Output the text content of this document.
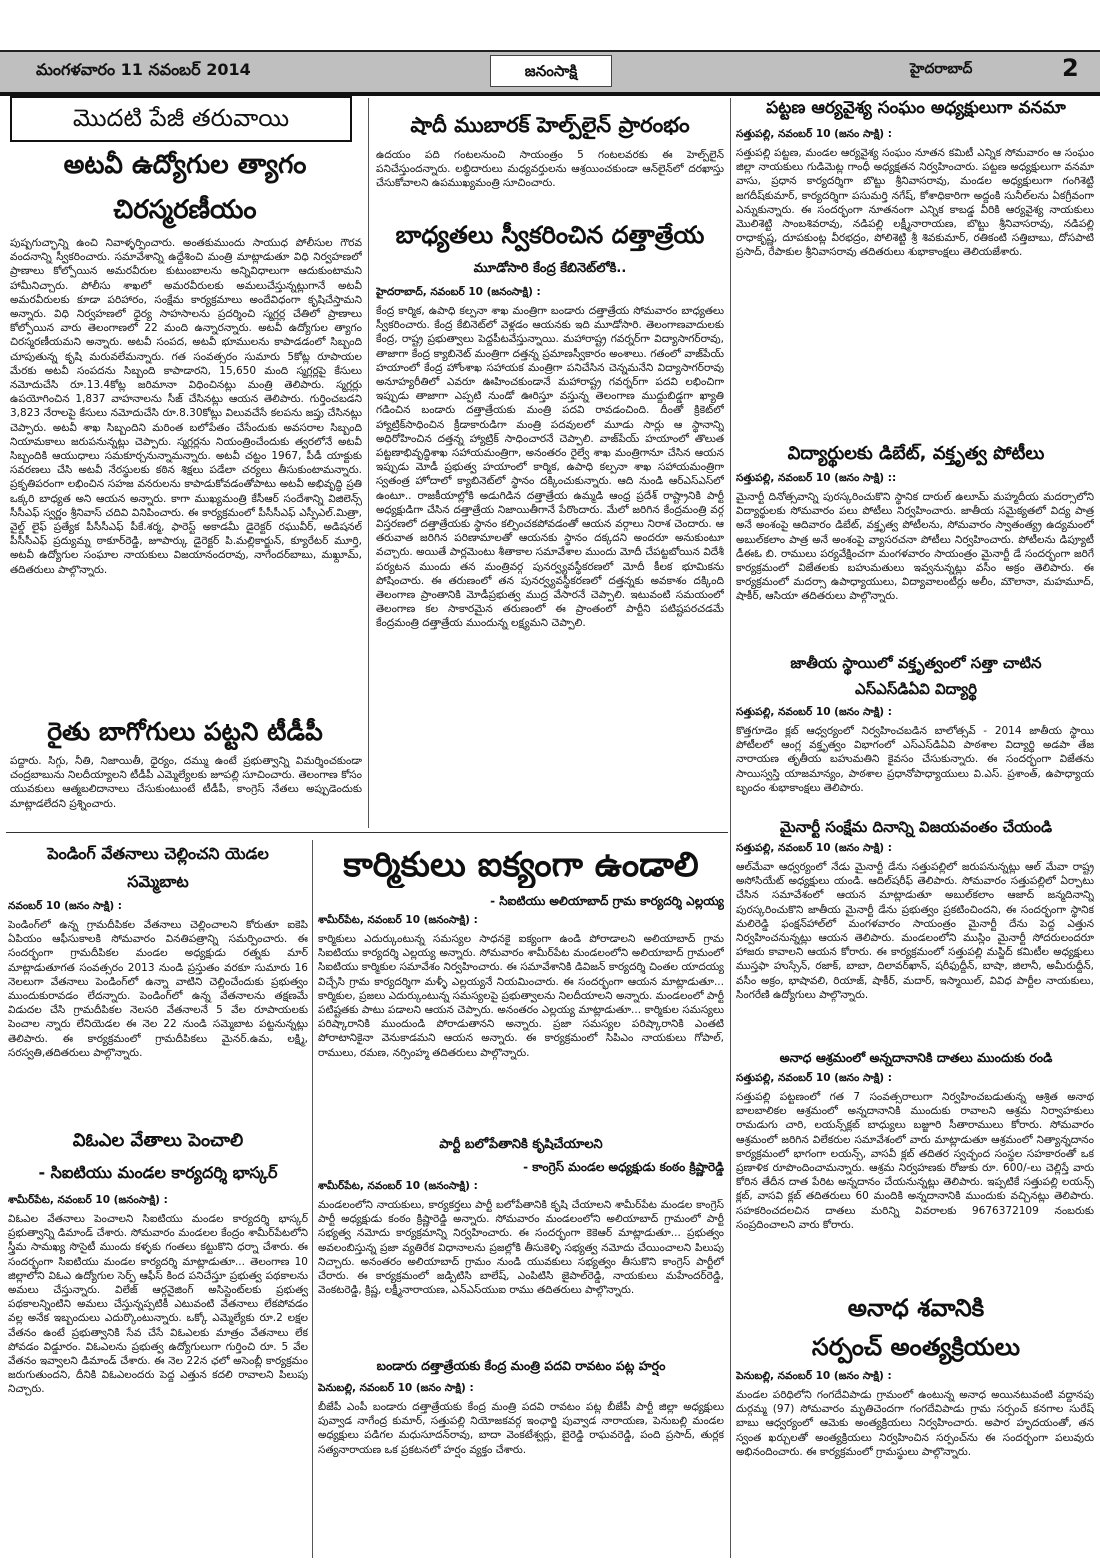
మంగళవారం 11 నవంబర్ 2014	జనంసాక్షి	హైదరాబాద్	2
మొదటి పేజీ తరువాయి
అటవీ ఉద్యోగుల త్యాగం
చిరస్మరణీయం
పుష్పగుచ్ఛాన్ని ఉంచి నివాళ్ళర్పించారు. అంతకుముందు సాయుధ పోలీసుల గౌరవ వందనాన్ని స్వీకరించారు. సమావేశాన్ని ఉద్దేశించి మంత్రి మాట్లాడుతూ విధి నిర్వహణలో ప్రాణాలు కోల్పోయిన అమరవీరుల కుటుంబాలను అన్నివిధాలుగా ఆదుకుంటామని హామీనిచ్చారు. పోలీసు శాఖలో అమరవీరులకు అమలుచేస్తున్నట్లుగానే అటవీ అమరవీరులకు కూడా పరిహారం, సంక్షేమ కార్యక్రమాలు అందేవిధంగా కృషిచేస్తామని అన్నారు. విధి నిర్వహణలో ధైర్య సాహసాలను ప్రదర్శించి స్మగ్లర్ల చేతిలో ప్రాణాలు కోల్పోయిన వారు తెలంగాణలో 22 మంది ఉన్నారన్నారు. అటవీ ఉద్యోగుల త్యాగం చిరస్మరణీయమని అన్నారు. అటవీ సంపద, అటవీ భూములను కాపాడడంలో సిబ్బంది చూపుతున్న కృషి మరువలేమన్నారు. గత సంవత్సరం సుమారు 5కోట్ల రూపాయల మేరకు అటవీ సంపదను సిబ్బంది కాపాడారని, 15,650 మంది స్మగ్లర్లపై కేసులు నమోదుచేసి రూ.13.4కోట్ల జరిమానా విధించినట్లు మంత్రి తెలిపారు. స్మగ్లర్లు ఉపయోగించిన 1,837 వాహనాలను సీజ్ చేసినట్లు ఆయన తెలిపారు. గుర్తించబడని 3,823 నేరాలపై కేసులు నమోదుచేసి రూ.8.30కోట్లు విలువచేసే కలపను జప్తు చేసినట్లు చెప్పారు. అటవీ శాఖ సిబ్బందిని మరింత బలోపేతం చేసేందుకు అవసరాల సిబ్బంది నియామకాలు జరుపనున్నట్లు చెప్పారు. స్మగ్లర్లను నియంత్రించేందుకు త్వరలోనే అటవీ సిబ్బందికి ఆయుధాలు సమకూర్చనున్నామన్నారు. అటవీ చట్టం 1967, పీడీ యాక్టుకు సవరణలు చేసి అటవీ నేరస్థులకు కఠిన శిక్షలు పడేలా చర్యలు తీసుకుంటామన్నారు. ప్రకృతిపరంగా లభించిన సహజ వనరులను కాపాడుకోవడంతోపాటు అటవీ అభివృద్ధి ప్రతి ఒక్కరి బాధ్యత అని ఆయన అన్నారు. కాగా ముఖ్యమంత్రి కేసీఆర్ సందేశాన్ని విజిలెన్స్ సీసీఎఫ్ స్వర్ణం శ్రీనివాస్ చదివి వినిపించారు. ఈ కార్యక్రమంలో పీసీసీఎఫ్ ఎస్పీఎల్.మిత్రా, వైల్డ్ లైఫ్ ప్రత్యేక పీసీసీఎఫ్ పీకే.శర్మ, ఫారెస్ట్ అకాడమీ డైరెక్టర్ రఘువీర్, అడిషనల్ పీసీసీఎఫ్ ప్రద్యుమ్న ఠాకూర్‌రెడ్డి, జూపార్కు డైరెక్టర్ పి.మల్లికార్జున్, క్యూరేటర్ మూర్తి, అటవీ ఉద్యోగుల సంఘాల నాయకులు విజయానందరావు, నాగేందర్‌బాబు, మఖ్దూమ్, తదితరులు పాల్గొన్నారు.
రైతు బాగోగులు పట్టని టీడీపీ
పద్దారు. సిగ్గు, నీతి, నిజాయితీ, ధైర్యం, దమ్ము ఉంటే ప్రభుత్వాన్ని విమర్శించకుండా చంద్రబాబును నిలదీయ్యాలని టీడీపీ ఎమ్మెల్యేలకు జూపల్లి సూచించారు. తెలంగాణ కోసం యువకులు ఆత్మబలిదానాలు చేసుకుంటుంటే టీడీపీ, కాంగ్రెస్ నేతలు అప్పుడెందుకు మాట్లాడలేదని ప్రశ్నించారు.
షాదీ ముబారక్ హెల్ప్‌లైన్ ప్రారంభం
ఉదయం పది గంటలనుంచి సాయంత్రం 5 గంటలవరకు ఈ హెల్ప్‌లైన్ పనిచేస్తుందన్నారు. లబ్ధిదారులు మధ్యవర్తులను ఆశ్రయించకుండా ఆన్‌లైన్‌లో దరఖాస్తు చేసుకోవాలని ఉపముఖ్యమంత్రి సూచించారు.
బాధ్యతలు స్వీకరించిన దత్తాత్రేయ
మూడోసారి కేంద్ర కేబినెట్‌లోకి..
హైదరాబాద్, నవంబర్ 10 (జనంసాక్షి) :
కేంద్ర కార్మిక, ఉపాధి కల్పనా శాఖ మంత్రిగా బండారు దత్తాత్రేయ సోమవారం బాధ్యతలు స్వీకరించారు. కేంద్ర కేబినెట్‌లో వెళ్లడం ఆయనకు ఇది మూడోసారి. తెలంగాణవాదులకు కేంద్ర, రాష్ట్ర ప్రభుత్వాలు పెద్దపీటవేస్తున్నాయి. మహారాష్ట్ర గవర్నర్‌గా విద్యాసాగర్‌రావు, తాజాగా కేంద్ర క్యాబినెట్ మంత్రిగా దత్తన్న ప్రమాణస్వీకారం అంశాలు. గతంలో వాజ్‌పేయ్ హయాంలో కేంద్ర హోంశాఖ సహాయక మంత్రిగా పనిచేసిన చెన్నమనేని విద్యాసాగర్‌రావు అనూహ్యరీతిలో ఎవరూ ఊహించకుండానే మహారాష్ట్ర గవర్నర్‌గా పదవి లభించిగా ఇప్పుడు తాజాగా ఎప్పటి నుండో ఊరిస్తూ వస్తున్న తెలంగాణ ముద్దుబిడ్డగా ఖ్యాతి గడించిన బండారు దత్తాత్రేయకు మంత్రి పదవి రావడంచింది. దీంతో క్రికెట్‌లో హ్యాట్రిక్‌సాధించిన క్రీడాకారుడిగా మంత్రి పదవులలో మూడు సార్లు ఆ స్థానాన్ని అధిరోహించిన దత్తన్న హ్యాట్రిక్ సాధించారనే చెప్పాలి. వాజ్‌పేయ్ హయాంలో తొలుత పట్టణాభివృద్ధిశాఖ సహాయమంత్రిగా, అనంతరం రైల్వే శాఖ మంత్రిగానూ చేసిన ఆయన ఇప్పుడు మోడీ ప్రభుత్వ హయాంలో కార్మిక, ఉపాధి కల్పనా శాఖ సహాయమంత్రిగా స్వతంత్ర హోదాలో క్యాబినెట్‌లో స్థానం దక్కించుకున్నారు. ఆది నుండి ఆర్ఎస్ఎస్‌లో ఉంటూ.. రాజకీయాల్లోకి అడుగిడిన దత్తాత్రేయ ఉమ్మడి ఆంధ్ర ప్రదేశ్ రాష్ట్రానికి పార్టీ అధ్యక్షుడిగా చేసిన దత్తాత్రేయ నిజాయితీగానే పేరొందారు. మేలో జరిగిన కేంద్రమంత్రి వర్గ విస్తరణలో దత్తాత్రేయకు స్థానం కల్పించకపోవడంతో ఆయన వర్గాలు నిరాశ చెందారు. ఆ తరువాత జరిగిన పరిణామాలతో ఆయనకు స్థానం దక్కదని అందరూ అనుకుంటూ వచ్చారు. అయితే పార్లమెంటు శీతాకాల సమావేశాల ముందు మోదీ చేపట్టబోయిన విదేశీ పర్యటన ముందు తన మంత్రివర్గ పునర్వ్యవస్థీకరణలో మోదీ కీలక భూమికను పోషించారు. ఈ తరుణంలో తన పునర్వ్యవస్థీకరణలో దత్తన్నకు అవకాశం దక్కింది తెలంగాణ ప్రాంతానికి మోడీప్రభుత్వ ముద్ర వేసారనే చెప్పాలి. ఇటువంటి సమయంలో తెలంగాణ కల సాకారమైన తరుణంలో ఈ ప్రాంతంలో పార్టీని పటిష్టపరచడమే కేంద్రమంత్రి దత్తాత్రేయ ముందున్న లక్ష్యమని చెప్పాలి.
పట్టణ ఆర్యవైశ్య సంఘం అధ్యక్షులుగా వనమా
సత్తుపల్లి, నవంబర్ 10 (జనం సాక్షి) :
సత్తుపల్లి పట్టణ, మండల ఆర్యవైశ్య సంఘం నూతన కమిటీ ఎన్నిక సోమవారం ఆ సంఘం జిల్లా నాయకులు గుడిమెట్ల గాంధీ అధ్యక్షతన నిర్వహించారు. పట్టణ అధ్యక్షులుగా వనమా వాసు, ప్రధాన కార్యదర్శిగా బొట్టు శ్రీనివాసరావు, మండల అధ్యక్షులుగా గంగిశెట్టి జగదీష్‌కుమార్, కార్యదర్శిగా పసుమర్తి నగేష్, కోశాధికారిగా అద్దంకి సునీల్‌లను ఏకగ్రీవంగా ఎన్నుకున్నారు. ఈ సందర్భంగా నూతనంగా ఎన్నిక కాబడ్డ వీరికి ఆర్యవైశ్య నాయకులు మొలిశెట్టి సాంబశివరావు, నడిపల్లి లక్ష్మీనారాయణ, బొట్టు శ్రీనివాసరావు, నడిపల్లి రాధాకృష్ణ, దూపకుంట్ల వీరభద్రం, పోలిశెట్టి శ్రీ శివకుమార్, రతికంటి సత్తిబాబు, దోసపాటి ప్రసాద్, రేపాకుల శ్రీనివాసరావు తదితరులు శుభాకాంక్షలు తెలియజేశారు.
విద్యార్థులకు డిబేట్, వక్తృత్వ పోటీలు
సత్తుపల్లి, నవంబర్ 10 (జనం సాక్షి) ::
మైనార్టీ దినోత్సవాన్ని పురస్కరించుకొని స్థానిక దారుల్ ఉలూమ్ మహ్మదీయ మదర్సాలోని విద్యార్థులకు సోమవారం పలు పోటీలు నిర్వహించారు. జాతీయ సమైక్యతలో విద్య పాత్ర అనే అంశంపై ఆదివారం డిబేట్, వక్తృత్వ పోటీలను, సోమవారం స్వాతంత్య్ర ఉద్యమంలో అబుల్‌కలాం పాత్ర అనే అంశంపై వ్యాసరచనా పోటీలు నిర్వహించారు. పోటీలను డిప్యూటీ డీఈఓ బి. రాములు పర్యవేక్షించగా మంగళవారం సాయంత్రం మైనార్టీ డే సందర్భంగా జరిగే కార్యక్రమంలో విజేతలకు బహుమతులు ఇవ్వనున్నట్లు వసీం అక్రం తెలిపారు. ఈ కార్యక్రమంలో మదర్సా ఉపాధ్యాయులు, విద్యావాలంటీర్లు అలీం, మౌలానా, మహమూద్, షాకీర్, ఆసియా తదితరులు పాల్గొన్నారు.
జాతీయ స్థాయిలో వక్తృత్వంలో సత్తా చాటిన
ఎస్ఎస్‌డిఏవి విద్యార్థి
సత్తుపల్లి, నవంబర్ 10 (జనం సాక్షి) :
కొత్తగూడెం క్లబ్ ఆధ్వర్యంలో నిర్వహించబడిన బాలోత్సవ్ - 2014 జాతీయ స్థాయి పోటీలలో ఆంగ్ల వక్తృత్వం విభాగంలో ఎస్ఎస్‌డిఏవి పాఠశాల విద్యార్థి అడపా తేజ నారాయణ తృతీయ బహుమతిని కైవసం చేసుకున్నారు. ఈ సందర్భంగా విజేతను సాయిస్వస్తి యాజమాన్యం, పాఠశాల ప్రధానోపాధ్యాయులు వి.ఎస్. ప్రశాంత్, ఉపాధ్యాయ బృందం శుభాకాంక్షలు తెలిపారు.
మైనార్టీ సంక్షేమ దినాన్ని విజయవంతం చేయండి
సత్తుపల్లి, నవంబర్ 10 (జనం సాక్షి) :
ఆల్‌మేవా ఆధ్వర్యంలో నేడు మైనార్టీ డేను సత్తుపల్లిలో జరుపనున్నట్లు ఆల్ మేవా రాష్ట్ర అసోసియేట్ అధ్యక్షులు యండి. ఆదిల్‌షరీఫ్ తెలిపారు. సోమవారం సత్తుపల్లిలో ఏర్పాటు చేసిన సమావేశంలో ఆయన మాట్లాడుతూ అబుల్‌కలాం ఆజాద్ జన్మదినాన్ని పురస్కరించుకొని జాతీయ మైనార్టీ డేను ప్రభుత్వం ప్రకటించిందని, ఈ సందర్భంగా స్థానిక మలిరెడ్డి ఫంక్షన్‌హాల్‌లో మంగళవారం సాయంత్రం మైనార్టీ దేను పెద్ద ఎత్తున నిర్వహించనున్నట్లు ఆయన తెలిపారు. మండలంలోని ముస్లిం మైనార్టీ సోదరులందరూ హాజరు కావాలని ఆయన కోరారు. ఈ కార్యక్రమంలో సత్తుపల్లి మస్జిద్ కమిటీల అధ్యక్షులు ముస్తఫా హుస్సేన్, రజాక్, బాబా, దిలావర్‌ఖాన్, షరీఫుద్దీన్, బాషా, జిలానీ, అమీరుద్దీన్, వసీం అక్రం, భాషావలి, రియాజ్, షాకీర్, మదార్, ఇస్మాయిల్, వివిధ పార్టీల నాయకులు, సింగరేణి ఉద్యోగులు పాల్గొన్నారు.
అనాధ ఆశ్రమంలో అన్నదానానికి దాతలు ముందుకు రండి
సత్తుపల్లి, నవంబర్ 10 (జనం సాక్షి) :
సత్తుపల్లి పట్టణంలో గత 7 సంవత్సరాలుగా నిర్వహించబడుతున్న ఆశ్రిత అనాథ బాలబాలికల ఆశ్రమంలో అన్నదానానికి ముందుకు రావాలని ఆశ్రమ నిర్వాహకులు రామడుగు చారి, లయన్స్‌క్లబ్ బాధ్యులు బజ్జూరి సీతారాములు కోరారు. సోమవారం ఆశ్రమంలో జరిగిన విలేకరుల సమావేశంలో వారు మాట్లాడుతూ ఆశ్రమంలో నిత్యాన్నదానం కార్యక్రమంలో భాగంగా లయన్స్, వాసవీ క్లబ్ తదితర స్వచ్ఛంద సంస్థల సహకారంతో ఒక ప్రణాళిక రూపొందించామన్నారు. ఆశ్రమ నిర్వహణకు రోజుకు రూ. 600/-లు చెల్లిస్తే వారు కోరిన తేదీన దాత పేరిట అన్నదానం చేయనున్నట్లు తెలిపారు. ఇప్పటికే సత్తుపల్లి లయన్స్ క్లబ్, వాసవి క్లబ్ తదితరులు 60 మందికి అన్నదానానికి ముందుకు వచ్చినట్లు తెలిపారు. సహకరించదలచిన దాతలు మరిన్ని వివరాలకు 9676372109 నంబరుకు సంప్రదించాలని వారు కోరారు.
అనాధ శవానికి
సర్పంచ్ అంత్యక్రియలు
పెనుబల్లి, నవంబర్ 10 (జనం సాక్షి) :
మండల పరిధిలోని గంగదేవిపాడు గ్రామంలో ఉంటున్న అనాధ అయినటువంటి వద్దానపు దుర్గమ్మ (97) సోమవారం మృతిచెందగా గంగదేవిపాడు గ్రామ సర్పంచ్ కనగాల సురేష్ బాబు ఆధ్వర్యంలో ఆమెకు అంత్యక్రియలు నిర్వహించారు. అపార హృదయంతో, తన స్వంత ఖర్చులతో అంత్యక్రియలు నిర్వహించిన సర్పంచ్‌ను ఈ సందర్భంగా పలువురు అభినందించారు. ఈ కార్యక్రమంలో గ్రామస్థులు పాల్గొన్నారు.
పెండింగ్ వేతనాలు చెల్లించని యెడల
సమ్మెబాట
నవంబర్ 10 (జనం సాక్షి) :
పెండింగ్‌లో ఉన్న గ్రామదీపికల వేతనాలు చెల్లించాలని కోరుతూ ఐకెపి ఏపియం ఆఫీసుకాలకి సోమవారం వినతిపత్రాన్ని సమర్పించారు. ఈ సందర్భంగా గ్రామదీపికల మండల అధ్యక్షుడు రత్నకు మార్ మాట్లాడుతూగత సంవత్సరం 2013 నుండి ప్రస్తుతం వరకూ సుమారు 16 నెలలుగా వేతనాలు పెండింగ్‌లో ఉన్నా వాటిని చెల్లించేందుకు ప్రభుత్వం ముందుకురావడం లేదన్నారు. పెండింగ్‌లో ఉన్న వేతనాలను తక్షణమే విడుదల చేసి గ్రామదీపికల నెలసరి వేతనాలనే 5 వేల రూపాయలకు పెంచాల న్నారు లేనియెడల ఈ నెల 22 నుండి సమ్మెబాట పట్టనున్నట్లు తెలిపారు. ఈ కార్యక్రమంలో గ్రామదీపికలు మైనర్.ఉమ, లక్ష్మి, సరస్వతి,తదితరులు పాల్గొన్నారు.
విఓఎల వేతాలు పెంచాలి
- సిఐటియు మండల కార్యదర్శి భాస్కర్
శామీర్‌పేట, నవంబర్ 10 (జనంసాక్షి) :
విఓఎల వేతనాలు పెంచాలని సిఐటియు మండల కార్యదర్శి భాస్కర్ ప్రభుత్వాన్ని డిమాండ్ చేశారు. సోమవారం మండలల కేంద్రం శామీర్‌పేటలోని స్త్రీమ సామఖ్య సొసైటీ ముందు కళ్ళకు గంతలు కట్టుకొని ధర్నా చేశారు. ఈ సందర్భంగా సిఐటియు మండల కార్యదర్శి మాట్లాడుతూ... తెలంగాణ 10 జిల్లాలోని విఓఎ ఉద్యోగుల సెర్ప్ ఆఫీస్ కింద పనిచేస్తూ ప్రభుత్వ పథకాలను అమలు చేస్తున్నారు. విలేజ్ ఆర్గనైజింగ్ అసిస్టెంట్‌లకు ప్రభుత్వ పథకాలన్నింటిని అమలు చేస్తున్నప్పటికీ ఎటువంటి వేతనాలు లేకపోవడం వల్ల అనేక ఇబ్బందులు ఎదుర్కొంటున్నారు. ఒక్కో ఎమ్మెల్యేకు రూ.2 లక్షల వేతనం ఉంటే ప్రభుత్వానికి సేవ చేసే విఓఎలకు మాత్రం వేతనాలు లేక పోవడం విడ్డూరం. విఓఎలను ప్రభుత్వ ఉద్యోగులుగా గుర్తించి రూ. 5 వేల వేతనం ఇవ్వాలని డిమాండ్ చేశారు. ఈ నెల 22న ఛలో అసెంబ్లీ కార్యక్రమం జరుగుతుందని, దీనికి విఓఎలందరు పెద్ద ఎత్తున కదలి రావాలని పిలుపు నిచ్చారు.
కార్మికులు ఐక్యంగా ఉండాలి
- సిఐటియు అలియాబాద్ గ్రామ కార్యదర్శి ఎల్లయ్య
శామీర్‌పేట, నవంబర్ 10 (జనంసాక్షి) :
కార్మికులు ఎదుర్కుంటున్న సమస్యల సాధనకై ఐక్యంగా ఉండి పోరాడాలని అలియాబాద్ గ్రామ సిఐటియు కార్యదర్శి ఎల్లయ్య అన్నారు. సోమవారం శామీర్‌పేట మండలంలోని అలియాబాద్ గ్రామంలో సిఐటియు కార్మికుల సమావేశం నిర్వహించారు. ఈ సమావేశానికి డివిజన్ కార్యదర్శి చింతల యాదయ్య విచ్చేసి గ్రామ కార్యదర్శిగా మళ్ళీ ఎల్లయ్యనే నియమించారు. ఈ సందర్భంగా ఆయన మాట్లాడుతూ... కార్మికుల, ప్రజలు ఎదుర్కుంటున్న సమస్యలపై ప్రభుత్వాలను నిలదీయాలని అన్నారు. మండలంలో పార్టీ పటిష్టతకు పాటు పడాలని ఆయన చెప్పారు. అనంతరం ఎల్లయ్య మాట్లాడుతూ... కార్మికుల సమస్యలు పరిష్కారానికి ముందుండి పోరాడుతానని అన్నారు. ప్రజా సమస్యల పరిష్కారానికి ఎంతటి పోరాటానికైనా వెనుకాడమని ఆయన అన్నారు. ఈ కార్యక్రమంలో సిపిఎం నాయకులు గోపాల్, రాములు, రమణ, నర్సింహ్మ తదితరులు పాల్గొన్నారు.
పార్టీ బలోపేతానికి కృషిచేయాలని
- కాంగ్రెస్ మండల అధ్యక్షుడు కంఠం క్రిష్ణారెడ్డి
శామీర్‌పేట, నవంబర్ 10 (జనంసాక్షి) :
మండలంలోని నాయకులు, కార్యకర్తలు పార్టీ బలోపేతానికి కృషి చేయాలని శామీర్‌పేట మండల కాంగ్రెస్ పార్టీ అధ్యక్షుడు కంఠం క్రిష్ణారెడ్డి అన్నారు. సోమవారం మండలంలోని అలియాబాద్ గ్రామంలో పార్టీ సభ్యత్వ నమోదు కార్యక్రమాన్ని నిర్వహించారు. ఈ సందర్భంగా కెకెఆర్ మాట్లాడుతూ... ప్రభుత్వం అవలంబిస్తున్న ప్రజా వ్యతిరేక విధానాలను ప్రజల్లోకి తీసుకెళ్ళి సభ్యత్వ నమోదు చేయించాలని పిలుపు నిచ్చారు. అనంతరం అలియాబాద్ గ్రామం నుండి యువకులు సభ్యత్వం తీసుకొని కాంగ్రెస్ పార్టీలో చేరారు. ఈ కార్యక్రమంలో జడ్పిటిసి బాలేష్, ఎంపిటిసి జైపాల్‌రెడ్డి, నాయకులు మహేందర్‌రెడ్డి, వెంకటరెడ్డి, క్రిష్ణ, లక్ష్మీనారాయణ, ఎన్ఎస్‌యుఐ రాము తదితరులు పాల్గొన్నారు.
బండారు దత్తాత్రేయకు కేంద్ర మంత్రి పదవి రావటం పట్ల హర్షం
పెనుబల్లి, నవంబర్ 10 (జనం సాక్షి) :
బీజేపీ ఎంపీ బండారు దత్తాత్రేయకు కేంద్ర మంత్రి పదవి రావటం పట్ల బీజేపీ పార్టీ జిల్లా అధ్యక్షులు పువ్వాడ నాగేంద్ర కుమార్, సత్తుపల్లి నియోజకవర్గ ఇంఛార్జి పువ్వాడ నారాయణ, పెనుబల్లి మండల అధ్యక్షులు పడిగల మధుసూదన్‌రావు, బాదా వెంకటేశ్వర్లు, బైరెడ్డి రాఘవరెడ్డి, పంది ప్రసాద్, తుర్లక సత్యనారాయణ ఒక ప్రకటనలో హర్షం వ్యక్తం చేశారు.
